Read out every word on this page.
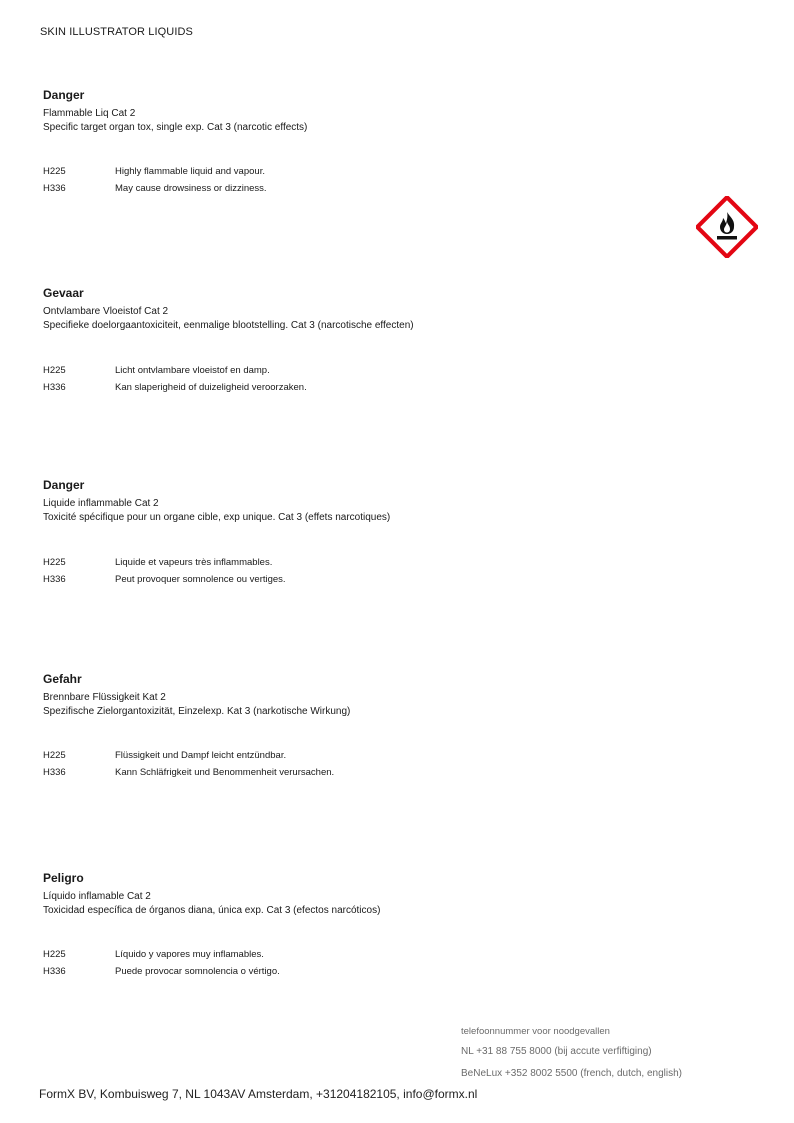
SKIN ILLUSTRATOR LIQUIDS
Danger
Flammable Liq Cat 2
Specific target organ tox, single exp. Cat 3 (narcotic effects)
H225	Highly flammable liquid and vapour.
H336	May cause drowsiness or dizziness.
Gevaar
Ontvlambare Vloeistof Cat 2
Specifieke doelorgaantoxiciteit, eenmalige blootstelling. Cat 3 (narcotische effecten)
H225	Licht ontvlambare vloeistof en damp.
H336	Kan slaperigheid of duizeligheid veroorzaken.
Danger
Liquide inflammable Cat 2
Toxicité spécifique pour un organe cible, exp unique. Cat 3 (effets narcotiques)
H225	Liquide et vapeurs très inflammables.
H336	Peut provoquer somnolence ou vertiges.
Gefahr
Brennbare Flüssigkeit Kat 2
Spezifische Zielorgantoxizität, Einzelexp. Kat 3 (narkotische Wirkung)
H225	Flüssigkeit und Dampf leicht entzündbar.
H336	Kann Schläfrigkeit und Benommenheit verursachen.
Peligro
Líquido inflamable Cat 2
Toxicidad específica de órganos diana, única exp. Cat 3 (efectos narcóticos)
H225	Líquido y vapores muy inflamables.
H336	Puede provocar somnolencia o vértigo.
telefoonnummer voor noodgevallen
NL +31 88 755 8000 (bij accute verfiftiging)
BeNeLux +352 8002 5500 (french, dutch, english)
FormX BV, Kombuisweg 7, NL 1043AV Amsterdam, +31204182105, info@formx.nl
